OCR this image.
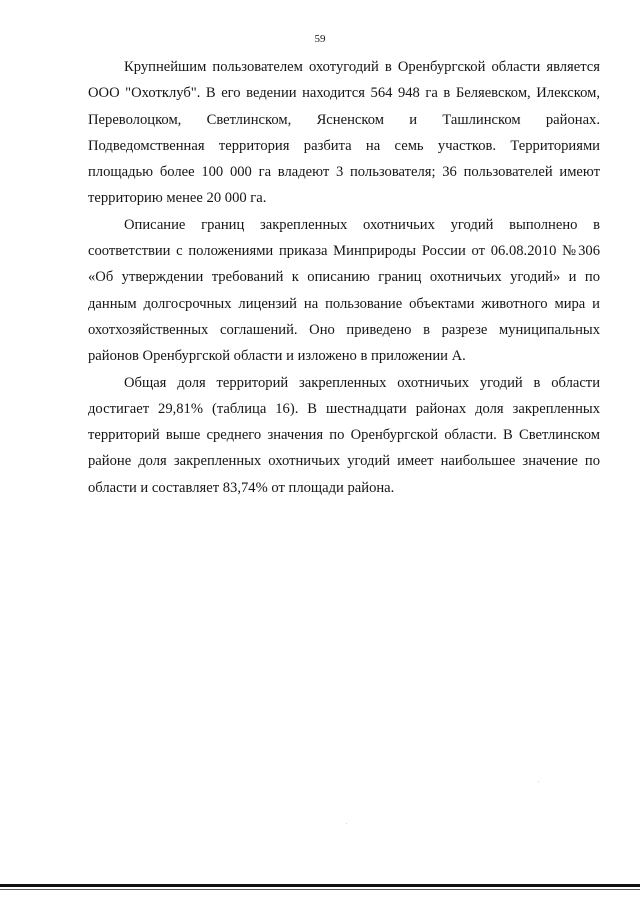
59

Крупнейшим пользователем охотугодий в Оренбургской области является ООО "Охотклуб". В его ведении находится 564 948 га в Беляевском, Илекском, Переволоцком, Светлинском, Ясненском и Ташлинском районах. Подведомственная территория разбита на семь участков. Территориями площадью более 100 000 га владеют 3 пользователя; 36 пользователей имеют территорию менее 20 000 га.

Описание границ закрепленных охотничьих угодий выполнено в соответствии с положениями приказа Минприроды России от 06.08.2010 №306 «Об утверждении требований к описанию границ охотничьих угодий» и по данным долгосрочных лицензий на пользование объектами животного мира и охотхозяйственных соглашений. Оно приведено в разрезе муниципальных районов Оренбургской области и изложено в приложении А.

Общая доля территорий закрепленных охотничьих угодий в области достигает 29,81% (таблица 16). В шестнадцати районах доля закрепленных территорий выше среднего значения по Оренбургской области. В Светлинском районе доля закрепленных охотничьих угодий имеет наибольшее значение по области и составляет 83,74% от площади района.
